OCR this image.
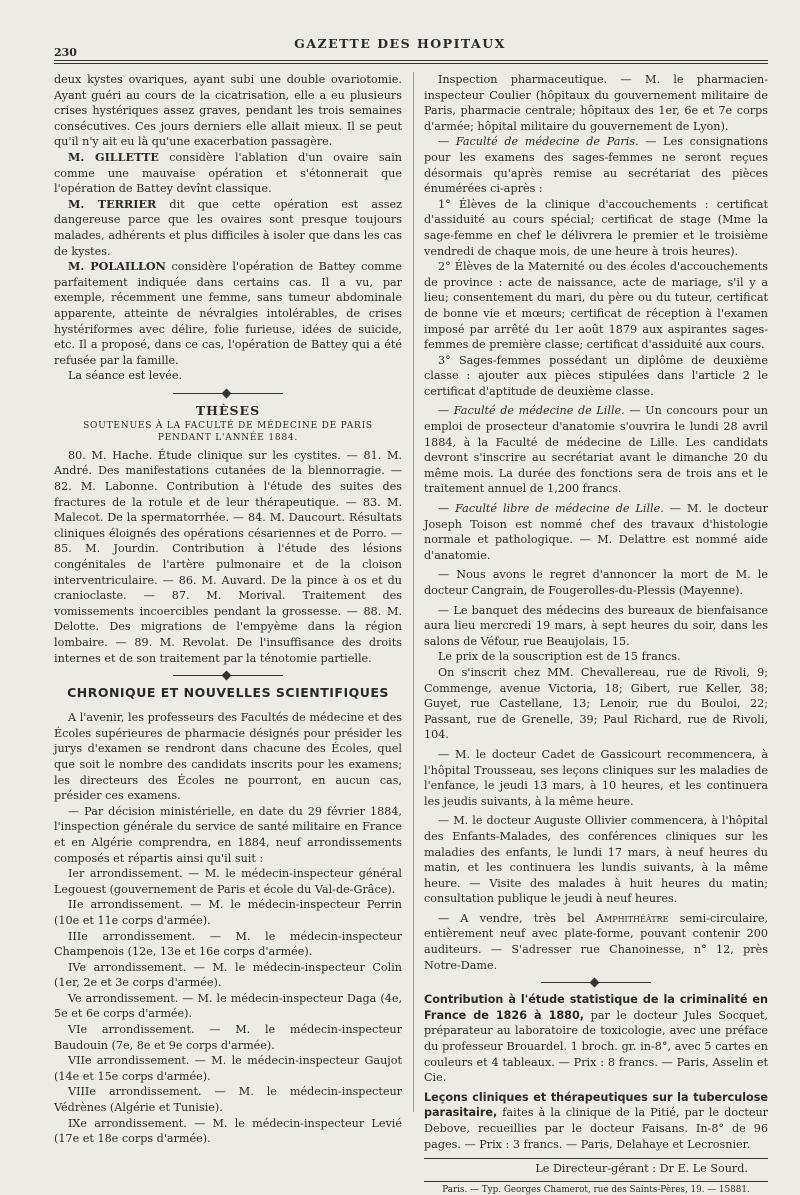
230
GAZETTE DES HOPITAUX

deux kystes ovariques, ayant subi une double ovariotomie. Ayant guéri au cours de la cicatrisation, elle a eu plusieurs crises hystériques assez graves, pendant les trois semaines consécutives. Ces jours derniers elle allait mieux. Il se peut qu'il n'y ait eu là qu'une exacerbation passagère.

M. GILLETTE considère l'ablation d'un ovaire sain comme une mauvaise opération et s'étonnerait que l'opération de Battey devînt classique.

M. TERRIER dit que cette opération est assez dangereuse parce que les ovaires sont presque toujours malades, adhérents et plus difficiles à isoler que dans les cas de kystes.

M. POLAILLON considère l'opération de Battey comme parfaitement indiquée dans certains cas. Il a vu, par exemple, récemment une femme, sans tumeur abdominale apparente, atteinte de névralgies intolérables, de crises hystériformes avec délire, folie furieuse, idées de suicide, etc. Il a proposé, dans ce cas, l'opération de Battey qui a été refusée par la famille.

La séance est levée.

THÈSES
SOUTENUES À LA FACULTÉ DE MÉDECINE DE PARIS
PENDANT L'ANNÉE 1884.

80. M. Hache. Étude clinique sur les cystites. — 81. M. André. Des manifestations cutanées de la blennorragie. — 82. M. Labonne. Contribution à l'étude des suites des fractures de la rotule et de leur thérapeutique. — 83. M. Malecot. De la spermatorrhée. — 84. M. Daucourt. Résultats cliniques éloignés des opérations césariennes et de Porro. — 85. M. Jourdin. Contribution à l'étude des lésions congénitales de l'artère pulmonaire et de la cloison interventriculaire. — 86. M. Auvard. De la pince à os et du cranioclaste. — 87. M. Morival. Traitement des vomissements incoercibles pendant la grossesse. — 88. M. Delotte. Des migrations de l'empyème dans la région lombaire. — 89. M. Revolat. De l'insuffisance des droits internes et de son traitement par la ténotomie partielle.

CHRONIQUE ET NOUVELLES SCIENTIFIQUES

A l'avenir, les professeurs des Facultés de médecine et des Écoles supérieures de pharmacie désignés pour présider les jurys d'examen se rendront dans chacune des Écoles, quel que soit le nombre des candidats inscrits pour les examens; les directeurs des Écoles ne pourront, en aucun cas, présider ces examens.

— Par décision ministérielle, en date du 29 février 1884, l'inspection générale du service de santé militaire en France et en Algérie comprendra, en 1884, neuf arrondissements composés et répartis ainsi qu'il suit :

Ier arrondissement. — M. le médecin-inspecteur général Legouest (gouvernement de Paris et école du Val-de-Grâce).

IIe arrondissement. — M. le médecin-inspecteur Perrin (10e et 11e corps d'armée).

IIIe arrondissement. — M. le médecin-inspecteur Champenois (12e, 13e et 16e corps d'armée).

IVe arrondissement. — M. le médecin-inspecteur Colin (1er, 2e et 3e corps d'armée).

Ve arrondissement. — M. le médecin-inspecteur Daga (4e, 5e et 6e corps d'armée).

VIe arrondissement. — M. le médecin-inspecteur Baudouin (7e, 8e et 9e corps d'armée).

VIIe arrondissement. — M. le médecin-inspecteur Gaujot (14e et 15e corps d'armée).

VIIIe arrondissement. — M. le médecin-inspecteur Védrènes (Algérie et Tunisie).

IXe arrondissement. — M. le médecin-inspecteur Levié (17e et 18e corps d'armée).

Inspection pharmaceutique. — M. le pharmacien-inspecteur Coulier (hôpitaux du gouvernement militaire de Paris, pharmacie centrale; hôpitaux des 1er, 6e et 7e corps d'armée; hôpital militaire du gouvernement de Lyon).

— Faculté de médecine de Paris. — Les consignations pour les examens des sages-femmes ne seront reçues désormais qu'après remise au secrétariat des pièces énumérées ci-après :

1° Élèves de la clinique d'accouchements : certificat d'assiduité au cours spécial; certificat de stage (Mme la sage-femme en chef le délivrera le premier et le troisième vendredi de chaque mois, de une heure à trois heures).

2° Élèves de la Maternité ou des écoles d'accouchements de province : acte de naissance, acte de mariage, s'il y a lieu; consentement du mari, du père ou du tuteur, certificat de bonne vie et mœurs; certificat de réception à l'examen imposé par arrêté du 1er août 1879 aux aspirantes sages-femmes de première classe; certificat d'assiduité aux cours.

3° Sages-femmes possédant un diplôme de deuxième classe : ajouter aux pièces stipulées dans l'article 2 le certificat d'aptitude de deuxième classe.

— Faculté de médecine de Lille. — Un concours pour un emploi de prosecteur d'anatomie s'ouvrira le lundi 28 avril 1884, à la Faculté de médecine de Lille. Les candidats devront s'inscrire au secrétariat avant le dimanche 20 du même mois. La durée des fonctions sera de trois ans et le traitement annuel de 1,200 francs.

— Faculté libre de médecine de Lille. — M. le docteur Joseph Toison est nommé chef des travaux d'histologie normale et pathologique. — M. Delattre est nommé aide d'anatomie.

— Nous avons le regret d'annoncer la mort de M. le docteur Cangrain, de Fougerolles-du-Plessis (Mayenne).

— Le banquet des médecins des bureaux de bienfaisance aura lieu mercredi 19 mars, à sept heures du soir, dans les salons de Véfour, rue Beaujolais, 15.

Le prix de la souscription est de 15 francs.

On s'inscrit chez MM. Chevallereau, rue de Rivoli, 9; Commenge, avenue Victoria, 18; Gibert, rue Keller, 38; Guyet, rue Castellane, 13; Lenoir, rue du Bouloi, 22; Passant, rue de Grenelle, 39; Paul Richard, rue de Rivoli, 104.

— M. le docteur Cadet de Gassicourt recommencera, à l'hôpital Trousseau, ses leçons cliniques sur les maladies de l'enfance, le jeudi 13 mars, à 10 heures, et les continuera les jeudis suivants, à la même heure.

— M. le docteur Auguste Ollivier commencera, à l'hôpital des Enfants-Malades, des conférences cliniques sur les maladies des enfants, le lundi 17 mars, à neuf heures du matin, et les continuera les lundis suivants, à la même heure. — Visite des malades à huit heures du matin; consultation publique le jeudi à neuf heures.

— A vendre, très bel Amphithéâtre semi-circulaire, entièrement neuf avec plate-forme, pouvant contenir 200 auditeurs. — S'adresser rue Chanoinesse, n° 12, près Notre-Dame.

Contribution à l'étude statistique de la criminalité en France de 1826 à 1880, par le docteur Jules Socquet, préparateur au laboratoire de toxicologie, avec une préface du professeur Brouardel. 1 broch. gr. in-8°, avec 5 cartes en couleurs et 4 tableaux. — Prix : 8 francs. — Paris, Asselin et Cie.

Leçons cliniques et thérapeutiques sur la tuberculose parasitaire, faites à la clinique de la Pitié, par le docteur Debove, recueillies par le docteur Faisans. In-8° de 96 pages. — Prix : 3 francs. — Paris, Delahaye et Lecrosnier.

Le Directeur-gérant : Dr E. Le Sourd.
Paris. — Typ. Georges Chamerot, rue des Saints-Pères, 19. — 15881.
